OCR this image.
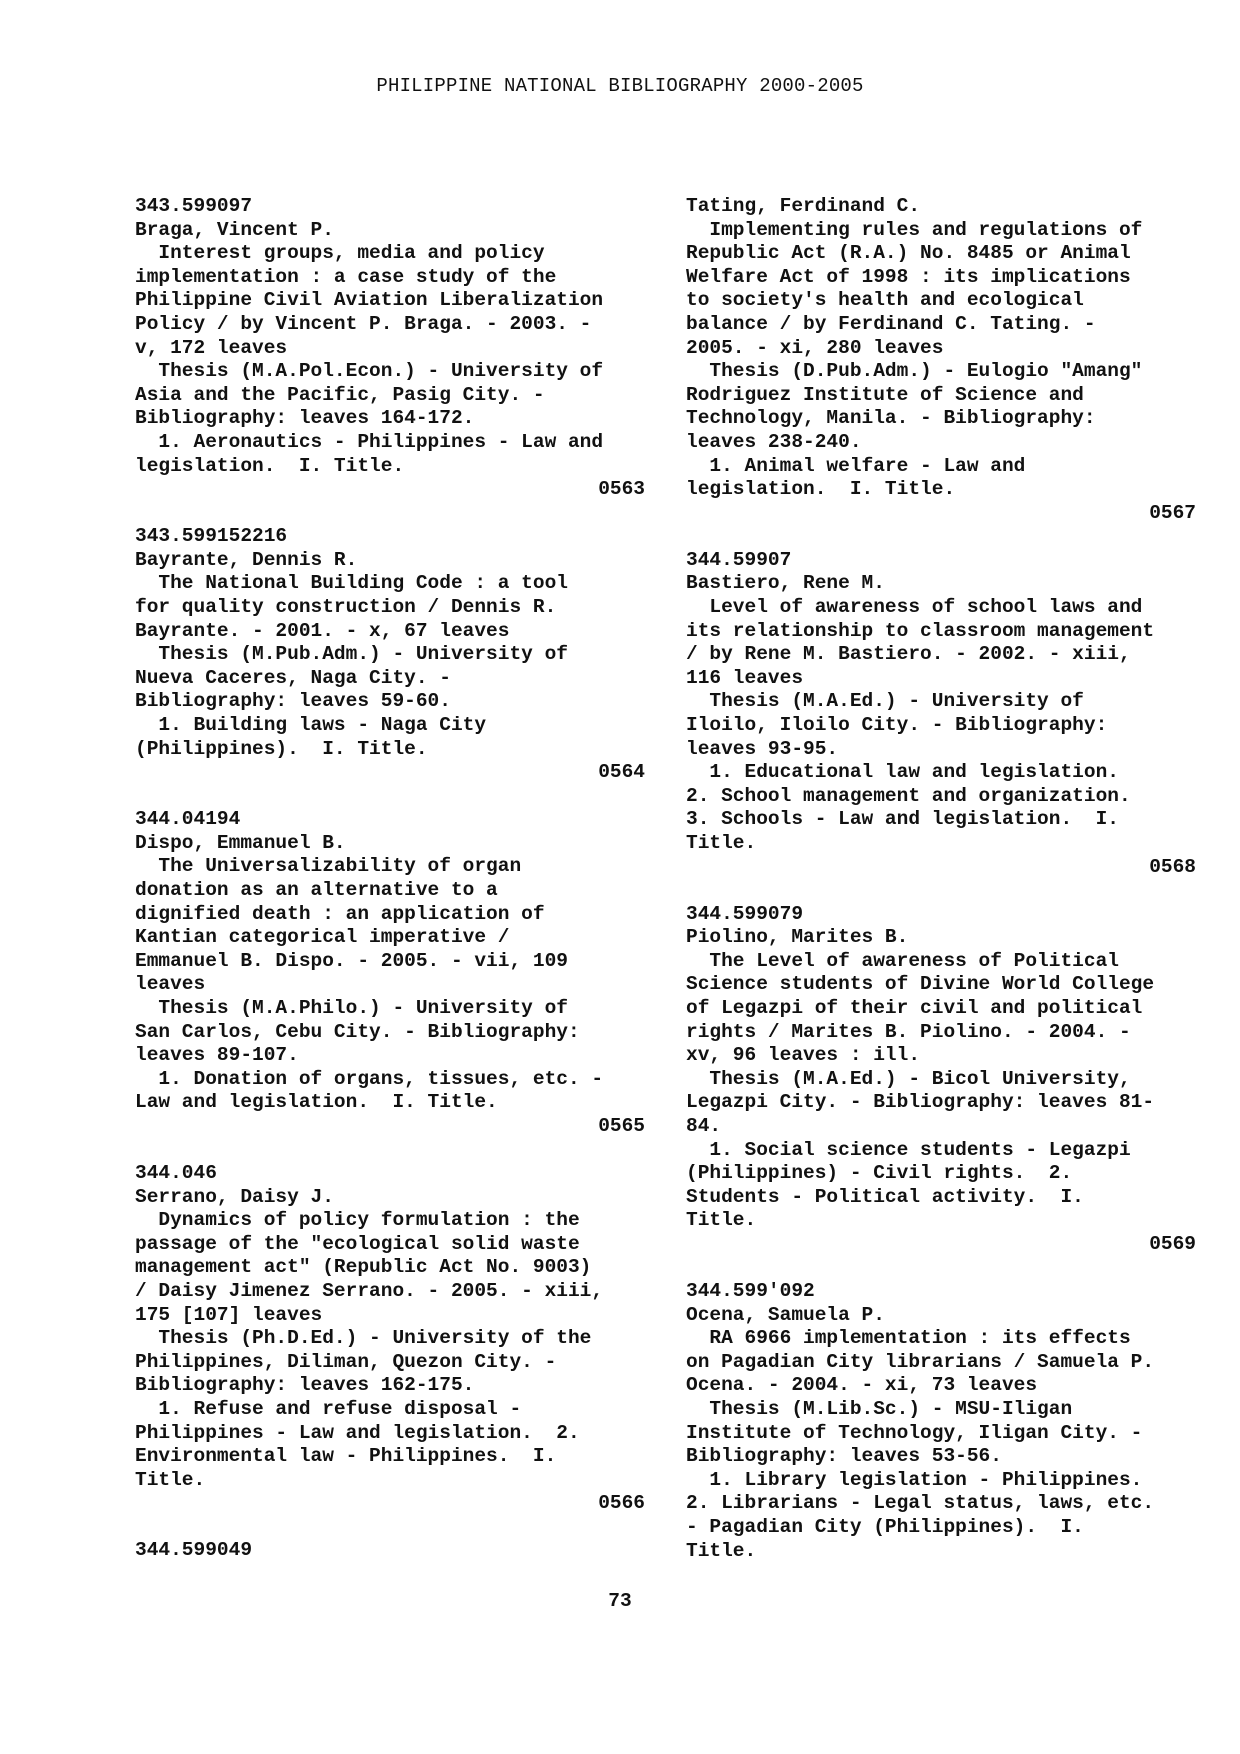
PHILIPPINE NATIONAL BIBLIOGRAPHY 2000-2005
343.599097
Braga, Vincent P.
Interest groups, media and policy
implementation : a case study of the
Philippine Civil Aviation Liberalization
Policy / by Vincent P. Braga. - 2003. -
v, 172 leaves
Thesis (M.A.Pol.Econ.) - University of
Asia and the Pacific, Pasig City. -
Bibliography: leaves 164-172.
1. Aeronautics - Philippines - Law and
legislation.  I. Title.
0563
343.599152216
Bayrante, Dennis R.
The National Building Code : a tool
for quality construction / Dennis R.
Bayrante. - 2001. - x, 67 leaves
Thesis (M.Pub.Adm.) - University of
Nueva Caceres, Naga City. -
Bibliography: leaves 59-60.
1. Building laws - Naga City
(Philippines).  I. Title.
0564
344.04194
Dispo, Emmanuel B.
The Universalizability of organ
donation as an alternative to a
dignified death : an application of
Kantian categorical imperative /
Emmanuel B. Dispo. - 2005. - vii, 109
leaves
Thesis (M.A.Philo.) - University of
San Carlos, Cebu City. - Bibliography:
leaves 89-107.
1. Donation of organs, tissues, etc. -
Law and legislation.  I. Title.
0565
344.046
Serrano, Daisy J.
Dynamics of policy formulation : the
passage of the "ecological solid waste
management act" (Republic Act No. 9003)
/ Daisy Jimenez Serrano. - 2005. - xiii,
175 [107] leaves
Thesis (Ph.D.Ed.) - University of the
Philippines, Diliman, Quezon City. -
Bibliography: leaves 162-175.
1. Refuse and refuse disposal -
Philippines - Law and legislation.  2.
Environmental law - Philippines.  I.
Title.
0566
344.599049
Tating, Ferdinand C.
Implementing rules and regulations of
Republic Act (R.A.) No. 8485 or Animal
Welfare Act of 1998 : its implications
to society's health and ecological
balance / by Ferdinand C. Tating. -
2005. - xi, 280 leaves
Thesis (D.Pub.Adm.) - Eulogio "Amang"
Rodriguez Institute of Science and
Technology, Manila. - Bibliography:
leaves 238-240.
1. Animal welfare - Law and
legislation.  I. Title.
0567
344.59907
Bastiero, Rene M.
Level of awareness of school laws and
its relationship to classroom management
/ by Rene M. Bastiero. - 2002. - xiii,
116 leaves
Thesis (M.A.Ed.) - University of
Iloilo, Iloilo City. - Bibliography:
leaves 93-95.
1. Educational law and legislation.
2. School management and organization.
3. Schools - Law and legislation.  I.
Title.
0568
344.599079
Piolino, Marites B.
The Level of awareness of Political
Science students of Divine World College
of Legazpi of their civil and political
rights / Marites B. Piolino. - 2004. -
xv, 96 leaves : ill.
Thesis (M.A.Ed.) - Bicol University,
Legazpi City. - Bibliography: leaves 81-
84.
1. Social science students - Legazpi
(Philippines) - Civil rights.  2.
Students - Political activity.  I.
Title.
0569
344.599'092
Ocena, Samuela P.
RA 6966 implementation : its effects
on Pagadian City librarians / Samuela P.
Ocena. - 2004. - xi, 73 leaves
Thesis (M.Lib.Sc.) - MSU-Iligan
Institute of Technology, Iligan City. -
Bibliography: leaves 53-56.
1. Library legislation - Philippines.
2. Librarians - Legal status, laws, etc.
- Pagadian City (Philippines).  I.
Title.
73
